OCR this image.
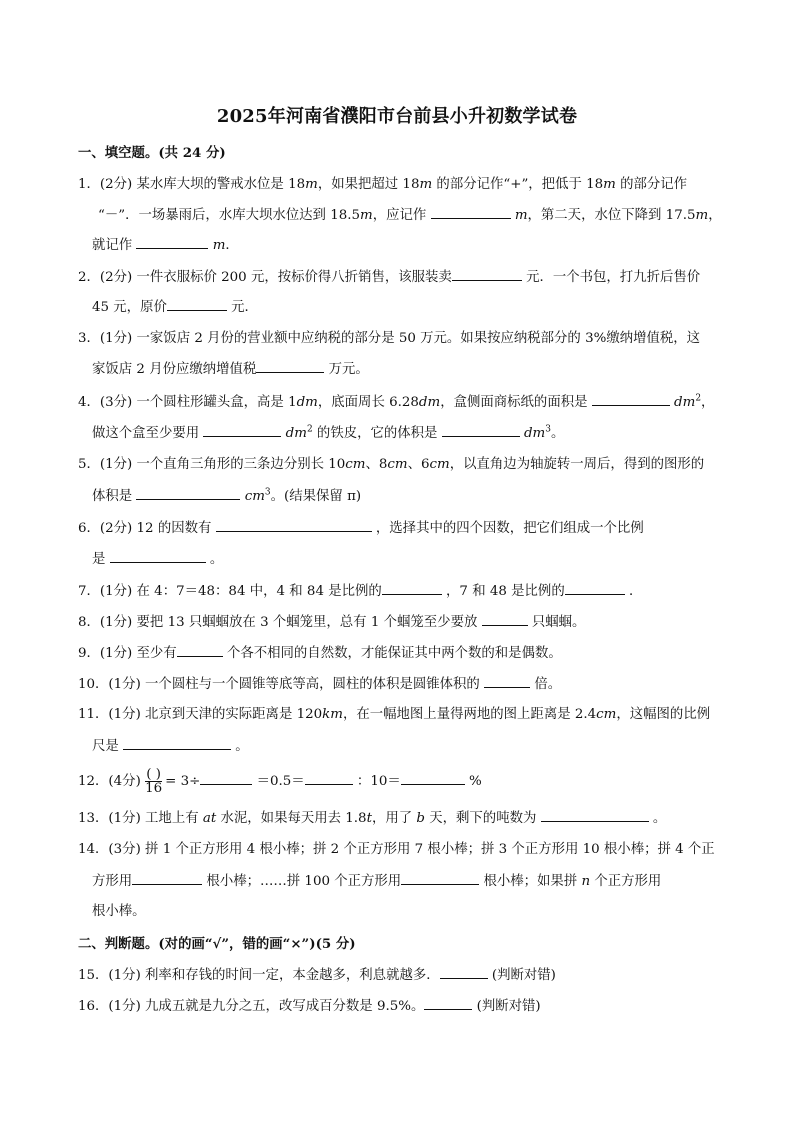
2025年河南省濮阳市台前县小升初数学试卷
一、填空题。(共 24 分)
1．(2分) 某水库大坝的警戒水位是 18m，如果把超过 18m 的部分记作“+”，把低于 18m 的部分记作
“－”．一场暴雨后，水库大坝水位达到 18.5m，应记作	m，第二天，水位下降到 17.5m，
就记作	m．
2．(2分) 一件衣服标价 200 元，按标价得八折销售，该服装卖	元．一个书包，打九折后售价
45 元，原价	元．
3．(1分) 一家饭店 2 月份的营业额中应纳税的部分是 50 万元。如果按应纳税部分的 3%缴纳增值税，这
家饭店 2 月份应缴纳增值税	万元。
4．(3分) 一个圆柱形罐头盒，高是 1dm，底面周长 6.28dm，盒侧面商标纸的面积是	$dm^2$，
做这个盒至少要用	$dm^2$ 的铁皮，它的体积是	$dm^3$。
5．(1分) 一个直角三角形的三条边分别长 10cm、8cm、6cm，以直角边为轴旋转一周后，得到的图形的
体积是	$cm^3$。(结果保留 π)
6．(2分) 12 的因数有	，选择其中的四个因数，把它们组成一个比例
是	。
7．(1分) 在 4：7＝48：84 中，4 和 84 是比例的	，7 和 48 是比例的	．
8．(1分) 要把 13 只蝈蝈放在 3 个蝈笼里，总有 1 个蝈笼至少要放	只蝈蝈。
9．(1分) 至少有	个各不相同的自然数，才能保证其中两个数的和是偶数。
10．(1分) 一个圆柱与一个圆锥等底等高，圆柱的体积是圆锥体积的	倍。
11．(1分) 北京到天津的实际距离是 120km，在一幅地图上量得两地的图上距离是 2.4cm，这幅图的比例
尺是	。
12．(4分) $\frac{( )}{16} = 3\div$	＝0.5＝	：10＝	%
13．(1分) 工地上有 at 水泥，如果每天用去 1.8t，用了 b 天，剩下的吨数为	。
14．(3分) 拼 1 个正方形用 4 根小棒；拼 2 个正方形用 7 根小棒；拼 3 个正方形用 10 根小棒；拼 4 个正
方形用	根小棒；……拼 100 个正方形用	根小棒；如果拼 n 个正方形用
根小棒。
二、判断题。(对的画“√”，错的画“×”)(5 分)
15．(1分) 利率和存钱的时间一定，本金越多，利息就越多．	(判断对错)
16．(1分) 九成五就是九分之五，改写成百分数是 9.5%。	(判断对错)
